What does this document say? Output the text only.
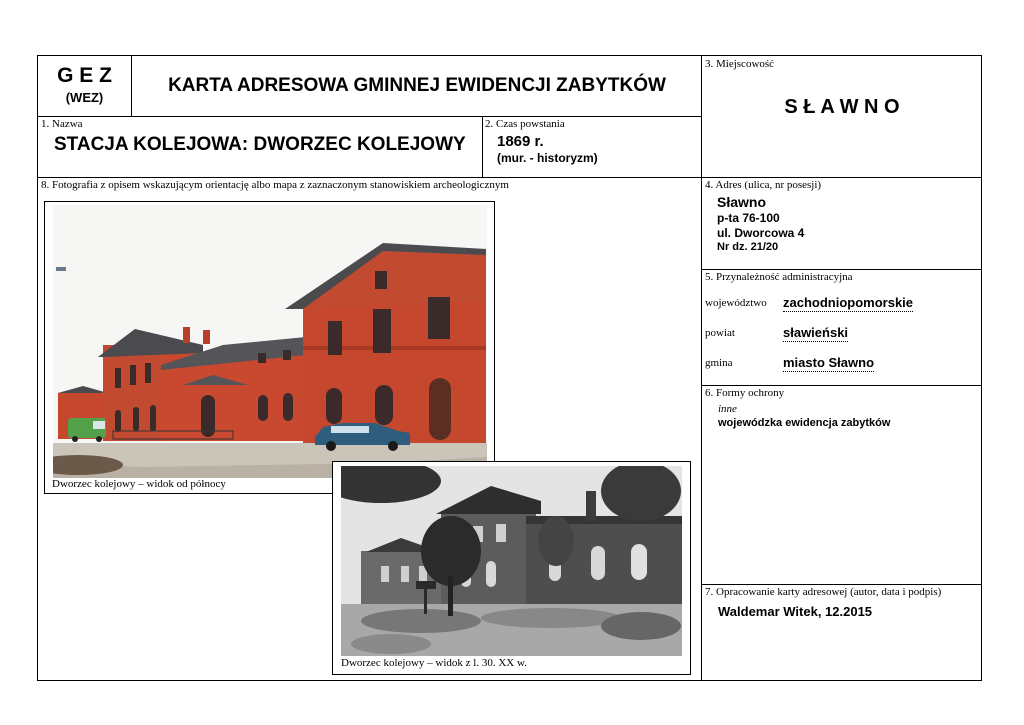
G E Z
(WEZ)
KARTA ADRESOWA GMINNEJ EWIDENCJI ZABYTKÓW
3. Miejscowość
S Ł A W N O
1. Nazwa
STACJA KOLEJOWA: DWORZEC KOLEJOWY
2. Czas powstania
1869 r.
(mur. - historyzm)
8. Fotografia z opisem wskazującym orientację albo mapa z zaznaczonym stanowiskiem archeologicznym	4. Adres (ulica, nr posesji)
Sławno
p-ta 76-100
ul. Dworcowa 4
Nr dz. 21/20
5. Przynależność administracyjna
województwo zachodniopomorskie
powiat	sławieński
gmina	miasto Sławno
6. Formy ochrony
inne
wojewódzka ewidencja zabytków
7. Opracowanie karty adresowej (autor, data i podpis)
Waldemar Witek, 12.2015
Dworzec kolejowy – widok od północy
Dworzec kolejowy – widok z l. 30. XX w.
